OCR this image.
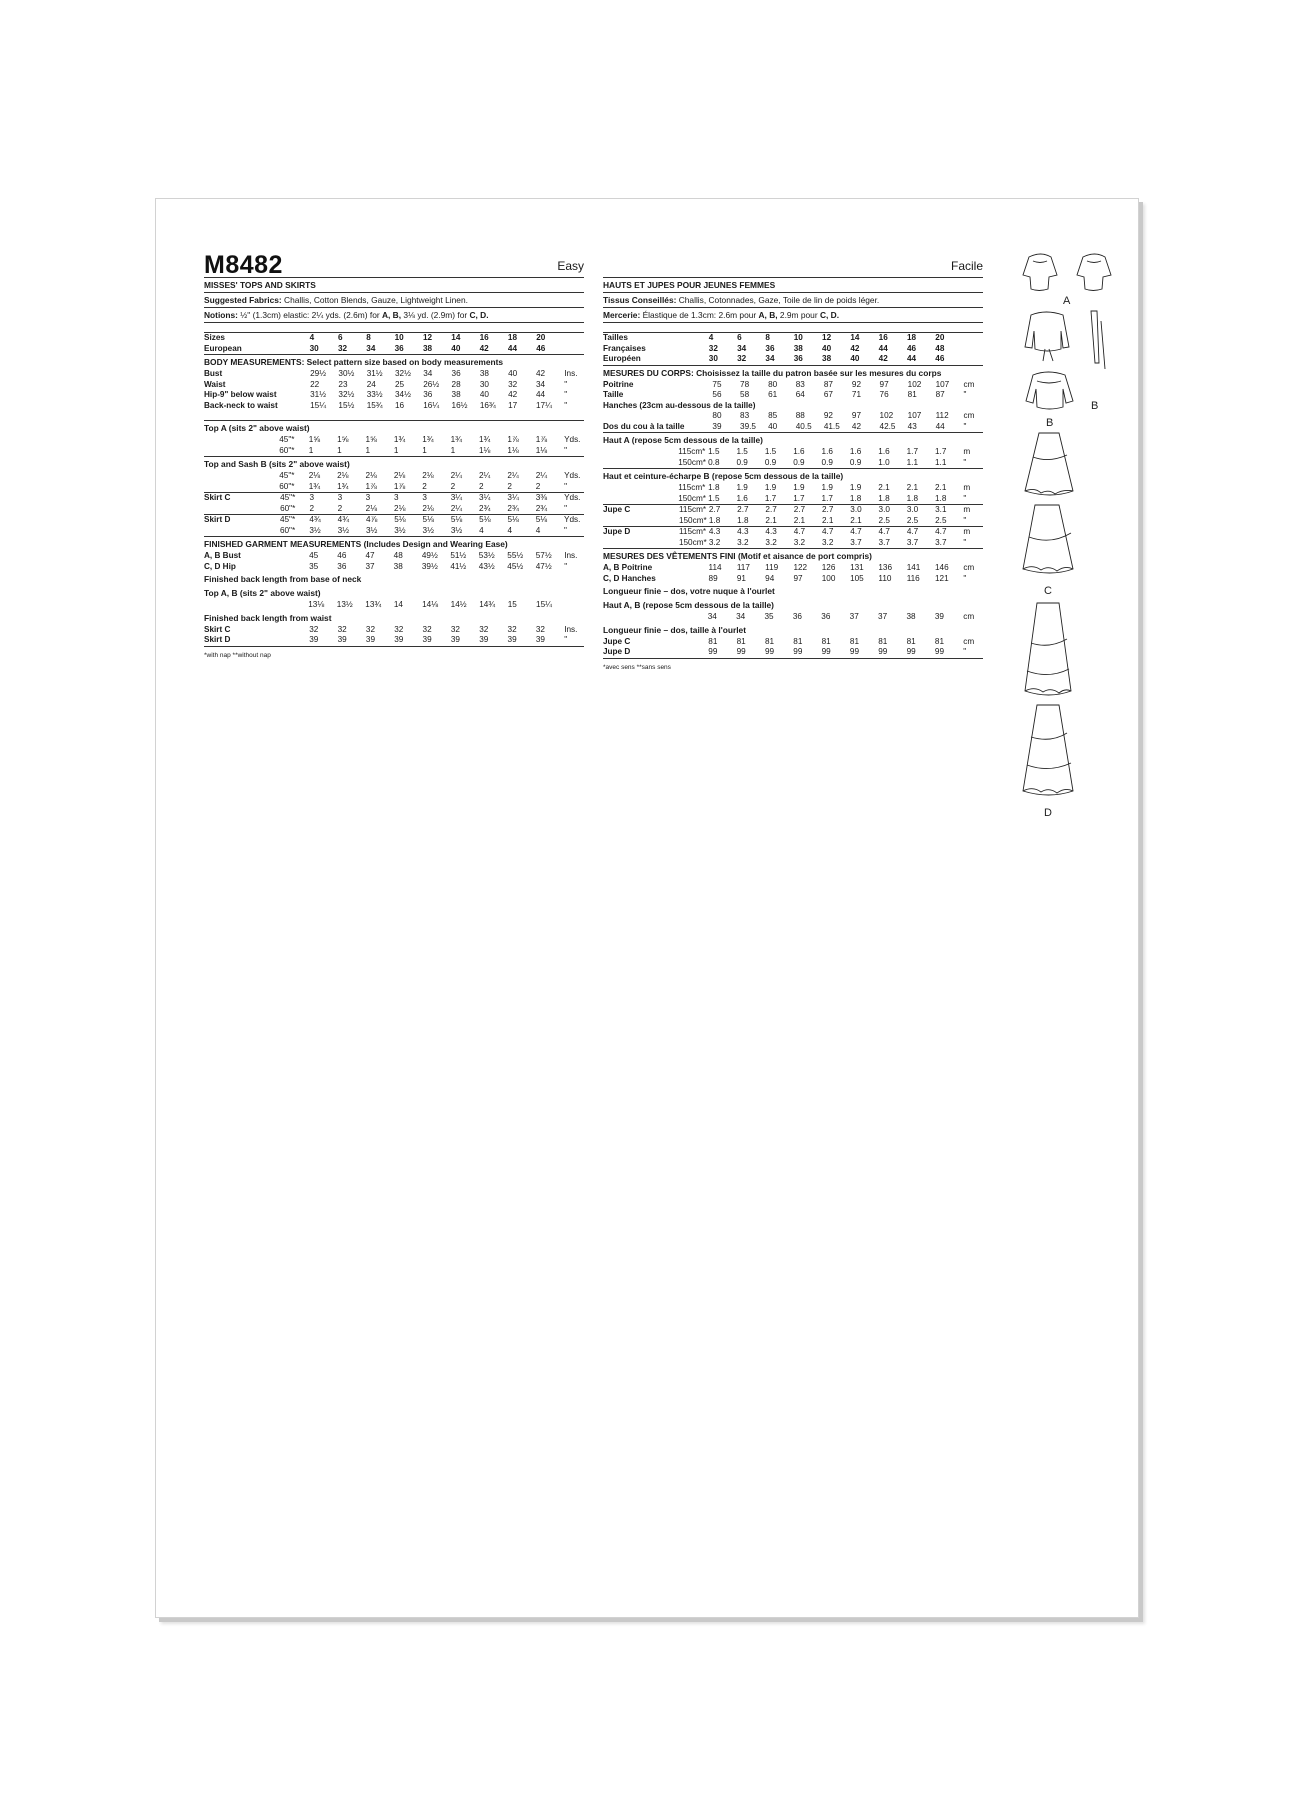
M8482	Easy
MISSES' TOPS AND SKIRTS
Suggested Fabrics: Challis, Cotton Blends, Gauze, Lightweight Linen.
Notions: ½" (1.3cm) elastic: 2¼ yds. (2.6m) for A, B, 3⅛ yd. (2.9m) for C, D.
Sizes		4	6	8	10	12	14	16	18	20	
European		30	32	34	36	38	40	42	44	46	
BODY MEASUREMENTS: Select pattern size based on body measurements
Bust		29½	30½	31½	32½	34	36	38	40	42	Ins.
Waist		22	23	24	25	26½	28	30	32	34	"
Hip-9" below waist		31½	32½	33½	34½	36	38	40	42	44	"
Back-neck to waist		15¼	15½	15¾	16	16¼	16½	16¾	17	17¼	"
Top A (sits 2" above waist)
	45"*	1⅝	1⅝	1⅝	1¾	1¾	1¾	1¾	1⅞	1⅞	Yds.
	60"*	1	1	1	1	1	1	1⅛	1⅛	1⅛	"
Top and Sash B (sits 2" above waist)
	45"*	2⅛	2⅛	2⅛	2⅛	2⅛	2¼	2¼	2¼	2¼	Yds.
	60"*	1¾	1¾	1⅞	1⅞	2	2	2	2	2	"
Skirt C	45"*	3	3	3	3	3	3¼	3¼	3¼	3⅜	Yds.
	60"*	2	2	2⅛	2⅛	2⅛	2¼	2¾	2¾	2¾	"
Skirt D	45"*	4¾	4¾	4⅞	5⅛	5⅛	5⅛	5⅛	5⅛	5⅛	Yds.
	60"*	3½	3½	3½	3½	3½	3½	4	4	4	"
FINISHED GARMENT MEASUREMENTS (Includes Design and Wearing Ease)
A, B Bust		45	46	47	48	49½	51½	53½	55½	57½	Ins.
C, D Hip		35	36	37	38	39½	41½	43½	45½	47½	"
Finished back length from base of neck
Top A, B (sits 2" above waist)
		13⅛	13½	13¾	14	14⅛	14½	14¾	15	15¼	
Finished back length from waist
Skirt C		32	32	32	32	32	32	32	32	32	Ins.
Skirt D		39	39	39	39	39	39	39	39	39	"
*with nap **without nap
Facile
HAUTS ET JUPES POUR JEUNES FEMMES
Tissus Conseillés: Challis, Cotonnades, Gaze, Toile de lin de poids léger.
Mercerie: Élastique de 1.3cm: 2.6m pour A, B, 2.9m pour C, D.
Tailles		4	6	8	10	12	14	16	18	20	
Françaises		32	34	36	38	40	42	44	46	48	
Européen		30	32	34	36	38	40	42	44	46	
MESURES DU CORPS: Choisissez la taille du patron basée sur les mesures du corps
Poitrine		75	78	80	83	87	92	97	102	107	cm
Taille		56	58	61	64	67	71	76	81	87	"
Hanches (23cm au-dessous de la taille)											
		80	83	85	88	92	97	102	107	112	cm
Dos du cou à la taille		39	39.5	40	40.5	41.5	42	42.5	43	44	"
Haut A (repose 5cm dessous de la taille)
	115cm*	1.5	1.5	1.5	1.6	1.6	1.6	1.6	1.7	1.7	m
	150cm*	0.8	0.9	0.9	0.9	0.9	0.9	1.0	1.1	1.1	"
Haut et ceinture-écharpe B (repose 5cm dessous de la taille)
	115cm*	1.8	1.9	1.9	1.9	1.9	1.9	2.1	2.1	2.1	m
	150cm*	1.5	1.6	1.7	1.7	1.7	1.8	1.8	1.8	1.8	"
Jupe C	115cm*	2.7	2.7	2.7	2.7	2.7	3.0	3.0	3.0	3.1	m
	150cm*	1.8	1.8	2.1	2.1	2.1	2.1	2.5	2.5	2.5	"
Jupe D	115cm*	4.3	4.3	4.3	4.7	4.7	4.7	4.7	4.7	4.7	m
	150cm*	3.2	3.2	3.2	3.2	3.2	3.7	3.7	3.7	3.7	"
MESURES DES VÊTEMENTS FINI (Motif et aisance de port compris)
A, B Poitrine		114	117	119	122	126	131	136	141	146	cm
C, D Hanches		89	91	94	97	100	105	110	116	121	"
Longueur finie – dos, votre nuque à l'ourlet
Haut A, B (repose 5cm dessous de la taille)
		34	34	35	36	36	37	37	38	39	cm
Longueur finie – dos, taille à l'ourlet
Jupe C		81	81	81	81	81	81	81	81	81	cm
Jupe D		99	99	99	99	99	99	99	99	99	"
*avec sens **sans sens
A
B
B
C
D
